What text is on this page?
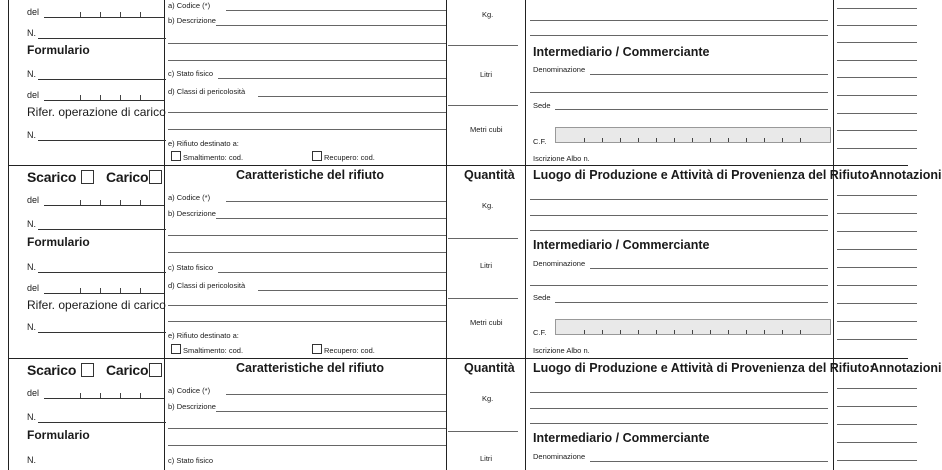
del
N.
Formulario
N.
del
Rifer. operazione di carico
N.
a) Codice (*)
b) Descrizione
c) Stato fisico
d) Classi di pericolosità
e) Rifiuto destinato a:
Smaltimento: cod.	Recupero: cod.
Kg.
Litri
Metri cubi
Intermediario / Commerciante
Denominazione
Sede
C.F.
Iscrizione Albo n.
Scarico Carico
del
N.
Formulario
N.
del
Rifer. operazione di carico
N.
Caratteristiche del rifiuto
a) Codice (*)
b) Descrizione
c) Stato fisico
d) Classi di pericolosità
e) Rifiuto destinato a:
Smaltimento: cod.	Recupero: cod.
Quantità
Kg.
Litri
Metri cubi
Luogo di Produzione e Attività di Provenienza del Rifiuto:
Intermediario / Commerciante
Denominazione
Sede
C.F.
Iscrizione Albo n.
Annotazioni
Scarico Carico
del
N.
Formulario
N.
Caratteristiche del rifiuto
a) Codice (*)
b) Descrizione
c) Stato fisico
Quantità
Kg.
Litri
Luogo di Produzione e Attività di Provenienza del Rifiuto:
Intermediario / Commerciante
Denominazione
Annotazioni
